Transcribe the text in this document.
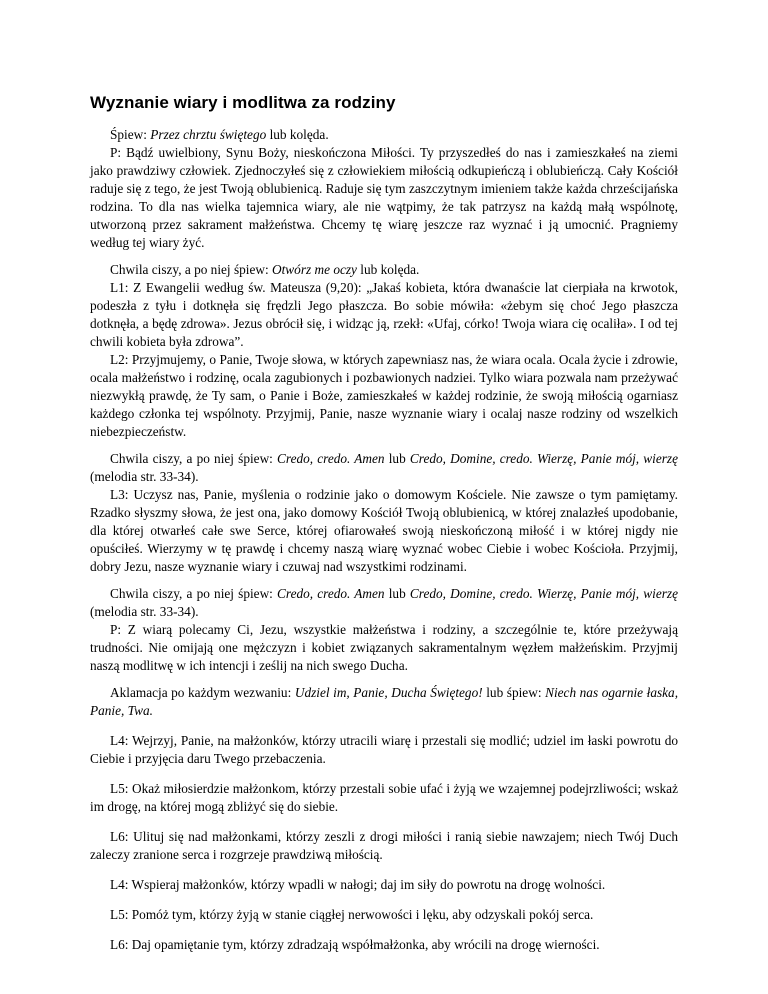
Wyznanie wiary i modlitwa za rodziny

Śpiew: Przez chrztu świętego lub kolęda.

P: Bądź uwielbiony, Synu Boży, nieskończona Miłości. Ty przyszedłeś do nas i zamieszkałeś na ziemi jako prawdziwy człowiek. Zjednoczyłeś się z człowiekiem miłością odkupieńczą i oblubieńczą. Cały Kościół raduje się z tego, że jest Twoją oblubienicą. Raduje się tym zaszczytnym imieniem także każda chrześcijańska rodzina. To dla nas wielka tajemnica wiary, ale nie wątpimy, że tak patrzysz na każdą małą wspólnotę, utworzoną przez sakrament małżeństwa. Chcemy tę wiarę jeszcze raz wyznać i ją umocnić. Pragniemy według tej wiary żyć.

Chwila ciszy, a po niej śpiew: Otwórz me oczy lub kolęda.

L1: Z Ewangelii według św. Mateusza (9,20): „Jakaś kobieta, która dwanaście lat cierpiała na krwotok, podeszła z tyłu i dotknęła się frędzli Jego płaszcza. Bo sobie mówiła: «żebym się choć Jego płaszcza dotknęła, a będę zdrowa». Jezus obrócił się, i widząc ją, rzekł: «Ufaj, córko! Twoja wiara cię ocaliła». I od tej chwili kobieta była zdrowa”.

L2: Przyjmujemy, o Panie, Twoje słowa, w których zapewniasz nas, że wiara ocala. Ocala życie i zdrowie, ocala małżeństwo i rodzinę, ocala zagubionych i pozbawionych nadziei. Tylko wiara pozwala nam przeżywać niezwykłą prawdę, że Ty sam, o Panie i Boże, zamieszkałeś w każdej rodzinie, że swoją miłością ogarniasz każdego członka tej wspólnoty. Przyjmij, Panie, nasze wyznanie wiary i ocalaj nasze rodziny od wszelkich niebezpieczeństw.

Chwila ciszy, a po niej śpiew: Credo, credo. Amen lub Credo, Domine, credo. Wierzę, Panie mój, wierzę (melodia str. 33-34).

L3: Uczysz nas, Panie, myślenia o rodzinie jako o domowym Kościele. Nie zawsze o tym pamiętamy. Rzadko słyszmy słowa, że jest ona, jako domowy Kościół Twoją oblubienicą, w której znalazłeś upodobanie, dla której otwarłeś całe swe Serce, której ofiarowałeś swoją nieskończoną miłość i w której nigdy nie opuściłeś. Wierzymy w tę prawdę i chcemy naszą wiarę wyznać wobec Ciebie i wobec Kościoła. Przyjmij, dobry Jezu, nasze wyznanie wiary i czuwaj nad wszystkimi rodzinami.

Chwila ciszy, a po niej śpiew: Credo, credo. Amen lub Credo, Domine, credo. Wierzę, Panie mój, wierzę (melodia str. 33-34).

P: Z wiarą polecamy Ci, Jezu, wszystkie małżeństwa i rodziny, a szczególnie te, które przeżywają trudności. Nie omijają one mężczyzn i kobiet związanych sakramentalnym węzłem małżeńskim. Przyjmij naszą modlitwę w ich intencji i ześlij na nich swego Ducha.

Aklamacja po każdym wezwaniu: Udziel im, Panie, Ducha Świętego! lub śpiew: Niech nas ogarnie łaska, Panie, Twa.

L4: Wejrzyj, Panie, na małżonków, którzy utracili wiarę i przestali się modlić; udziel im łaski powrotu do Ciebie i przyjęcia daru Twego przebaczenia.

L5: Okaż miłosierdzie małżonkom, którzy przestali sobie ufać i żyją we wzajemnej podejrzliwości; wskaż im drogę, na której mogą zbliżyć się do siebie.

L6: Ulituj się nad małżonkami, którzy zeszli z drogi miłości i ranią siebie nawzajem; niech Twój Duch zaleczy zranione serca i rozgrzeje prawdziwą miłością.

L4: Wspieraj małżonków, którzy wpadli w nałogi; daj im siły do powrotu na drogę wolności.

L5: Pomóż tym, którzy żyją w stanie ciągłej nerwowości i lęku, aby odzyskali pokój serca.

L6: Daj opamiętanie tym, którzy zdradzają współmałżonka, aby wrócili na drogę wierności.
